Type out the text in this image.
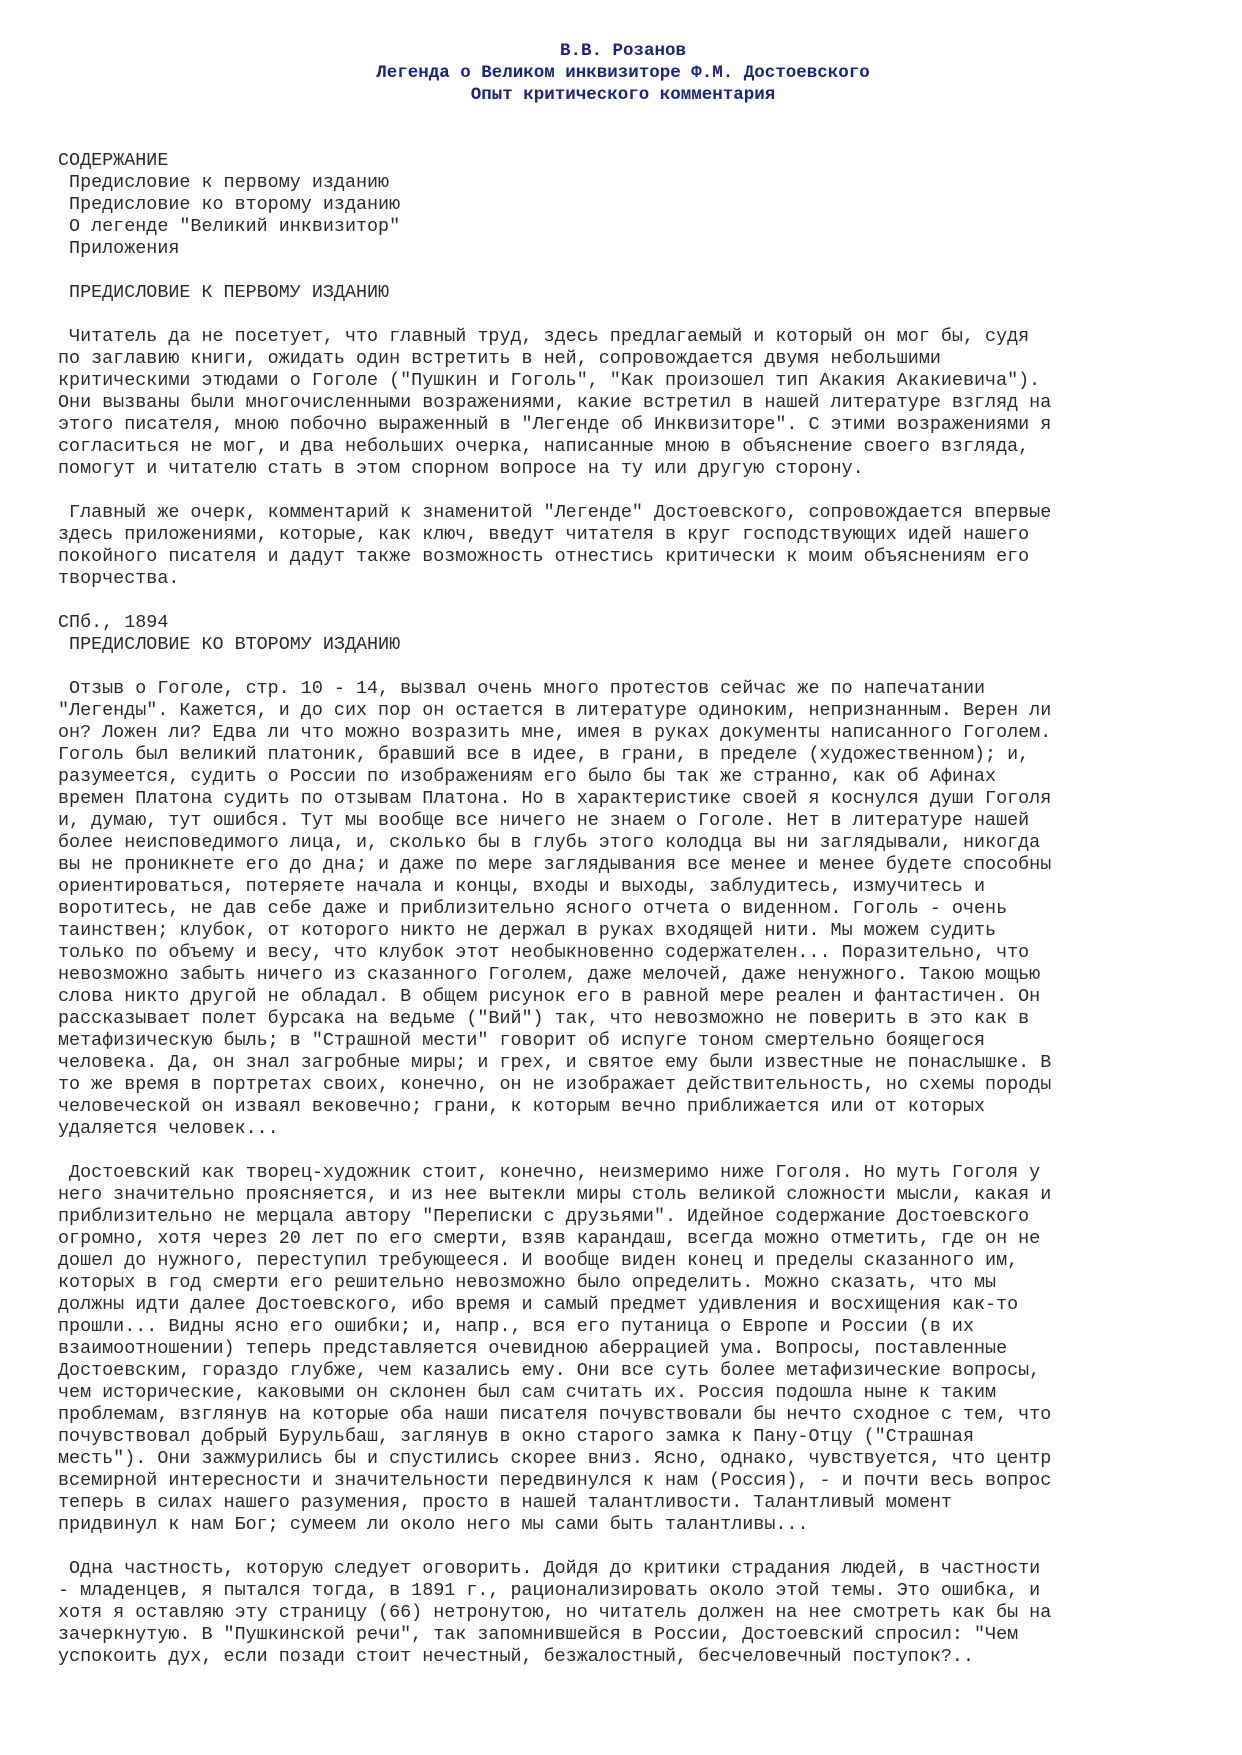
В.В. Розанов
Легенда о Великом инквизиторе Ф.М. Достоевского
Опыт критического комментария
СОДЕРЖАНИЕ
Предисловие к первому изданию
Предисловие ко второму изданию
О легенде "Великий инквизитор"
Приложения
ПРЕДИСЛОВИЕ К ПЕРВОМУ ИЗДАНИЮ
Читатель да не посетует, что главный труд, здесь предлагаемый и который он мог бы, судя
по заглавию книги, ожидать один встретить в ней, сопровождается двумя небольшими
критическими этюдами о Гоголе ("Пушкин и Гоголь", "Как произошел тип Акакия Акакиевича").
Они вызваны были многочисленными возражениями, какие встретил в нашей литературе взгляд на
этого писателя, мною побочно выраженный в "Легенде об Инквизиторе". С этими возражениями я
согласиться не мог, и два небольших очерка, написанные мною в объяснение своего взгляда,
помогут и читателю стать в этом спорном вопросе на ту или другую сторону.
Главный же очерк, комментарий к знаменитой "Легенде" Достоевского, сопровождается впервые
здесь приложениями, которые, как ключ, введут читателя в круг господствующих идей нашего
покойного писателя и дадут также возможность отнестись критически к моим объяснениям его
творчества.
СПб., 1894
ПРЕДИСЛОВИЕ КО ВТОРОМУ ИЗДАНИЮ
Отзыв о Гоголе, стр. 10 - 14, вызвал очень много протестов сейчас же по напечатании
"Легенды". Кажется, и до сих пор он остается в литературе одиноким, непризнанным. Верен ли
он? Ложен ли? Едва ли что можно возразить мне, имея в руках документы написанного Гоголем.
Гоголь был великий платоник, бравший все в идее, в грани, в пределе (художественном); и,
разумеется, судить о России по изображениям его было бы так же странно, как об Афинах
времен Платона судить по отзывам Платона. Но в характеристике своей я коснулся души Гоголя
и, думаю, тут ошибся. Тут мы вообще все ничего не знаем о Гоголе. Нет в литературе нашей
более неисповедимого лица, и, сколько бы в глубь этого колодца вы ни заглядывали, никогда
вы не проникнете его до дна; и даже по мере заглядывания все менее и менее будете способны
ориентироваться, потеряете начала и концы, входы и выходы, заблудитесь, измучитесь и
воротитесь, не дав себе даже и приблизительно ясного отчета о виденном. Гоголь - очень
таинствен; клубок, от которого никто не держал в руках входящей нити. Мы можем судить
только по объему и весу, что клубок этот необыкновенно содержателен... Поразительно, что
невозможно забыть ничего из сказанного Гоголем, даже мелочей, даже ненужного. Такою мощью
слова никто другой не обладал. В общем рисунок его в равной мере реален и фантастичен. Он
рассказывает полет бурсака на ведьме ("Вий") так, что невозможно не поверить в это как в
метафизическую быль; в "Страшной мести" говорит об испуге тоном смертельно боящегося
человека. Да, он знал загробные миры; и грех, и святое ему были известные не понаслышке. В
то же время в портретах своих, конечно, он не изображает действительность, но схемы породы
человеческой он изваял вековечно; грани, к которым вечно приближается или от которых
удаляется человек...
Достоевский как творец-художник стоит, конечно, неизмеримо ниже Гоголя. Но муть Гоголя у
него значительно проясняется, и из нее вытекли миры столь великой сложности мысли, какая и
приблизительно не мерцала автору "Переписки с друзьями". Идейное содержание Достоевского
огромно, хотя через 20 лет по его смерти, взяв карандаш, всегда можно отметить, где он не
дошел до нужного, переступил требующееся. И вообще виден конец и пределы сказанного им,
которых в год смерти его решительно невозможно было определить. Можно сказать, что мы
должны идти далее Достоевского, ибо время и самый предмет удивления и восхищения как-то
прошли... Видны ясно его ошибки; и, напр., вся его путаница о Европе и России (в их
взаимоотношении) теперь представляется очевидною аберрацией ума. Вопросы, поставленные
Достоевским, гораздо глубже, чем казались ему. Они все суть более метафизические вопросы,
чем исторические, каковыми он склонен был сам считать их. Россия подошла ныне к таким
проблемам, взглянув на которые оба наши писателя почувствовали бы нечто сходное с тем, что
почувствовал добрый Бурульбаш, заглянув в окно старого замка к Пану-Отцу ("Страшная
месть"). Они зажмурились бы и спустились скорее вниз. Ясно, однако, чувствуется, что центр
всемирной интересности и значительности передвинулся к нам (Россия), - и почти весь вопрос
теперь в силах нашего разумения, просто в нашей талантливости. Талантливый момент
придвинул к нам Бог; сумеем ли около него мы сами быть талантливы...
Одна частность, которую следует оговорить. Дойдя до критики страдания людей, в частности
- младенцев, я пытался тогда, в 1891 г., рационализировать около этой темы. Это ошибка, и
хотя я оставляю эту страницу (66) нетронутою, но читатель должен на нее смотреть как бы на
зачеркнутую. В "Пушкинской речи", так запомнившейся в России, Достоевский спросил: "Чем
успокоить дух, если позади стоит нечестный, безжалостный, бесчеловечный поступок?..
